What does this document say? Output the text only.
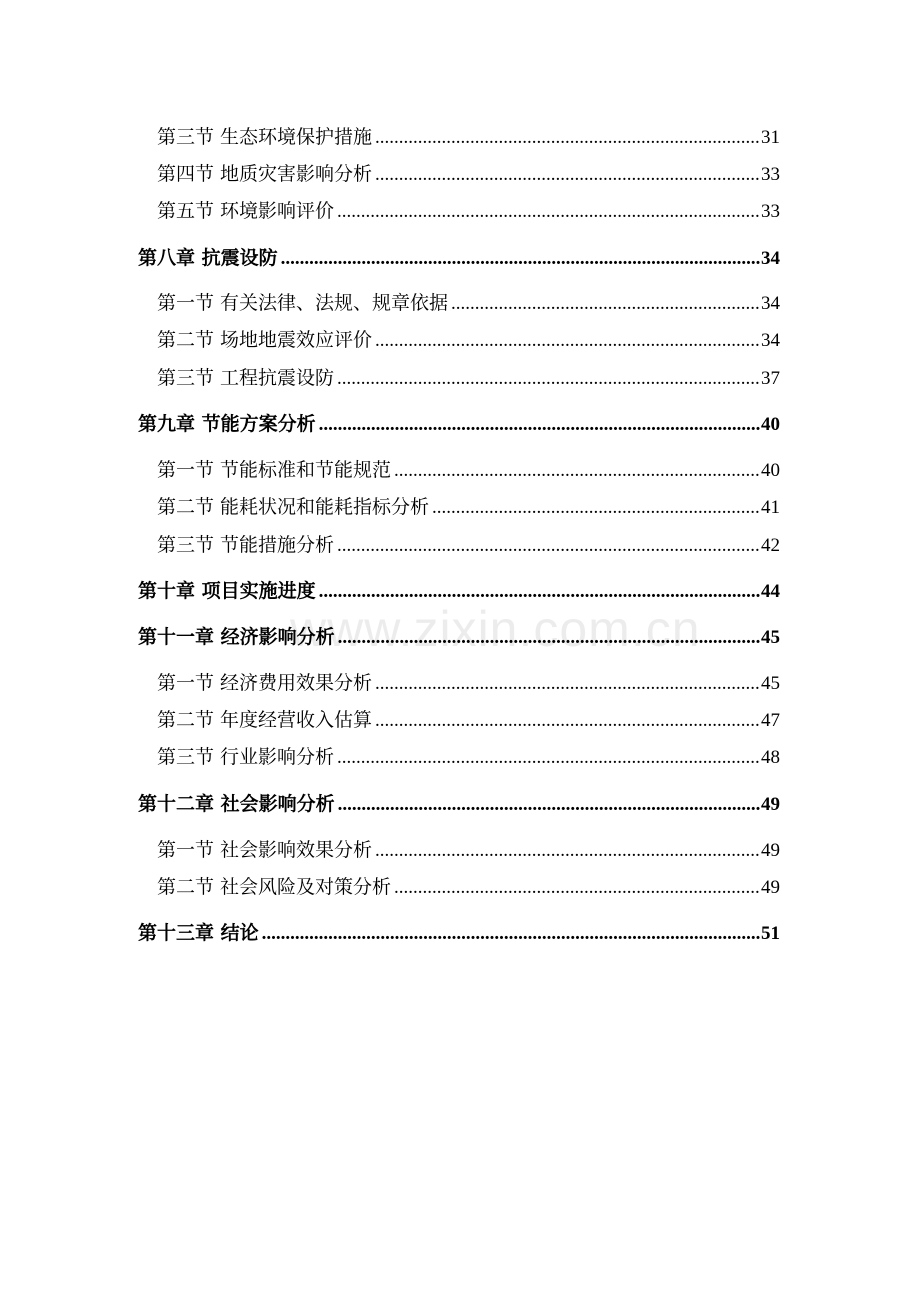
www.zixin.com.cn
第三节 生态环境保护措施 .....	31
第四节 地质灾害影响分析 .....	33
第五节 环境影响评价 .....	33
第八章 抗震设防 .....	34
第一节 有关法律、法规、规章依据 .....	34
第二节 场地地震效应评价 .....	34
第三节 工程抗震设防 .....	37
第九章 节能方案分析 .....	40
第一节 节能标准和节能规范 .....	40
第二节 能耗状况和能耗指标分析 .....	41
第三节 节能措施分析 .....	42
第十章 项目实施进度 .....	44
第十一章 经济影响分析 .....	45
第一节 经济费用效果分析 .....	45
第二节 年度经营收入估算 .....	47
第三节 行业影响分析 .....	48
第十二章 社会影响分析 .....	49
第一节 社会影响效果分析 .....	49
第二节 社会风险及对策分析 .....	49
第十三章 结论 .....	51
